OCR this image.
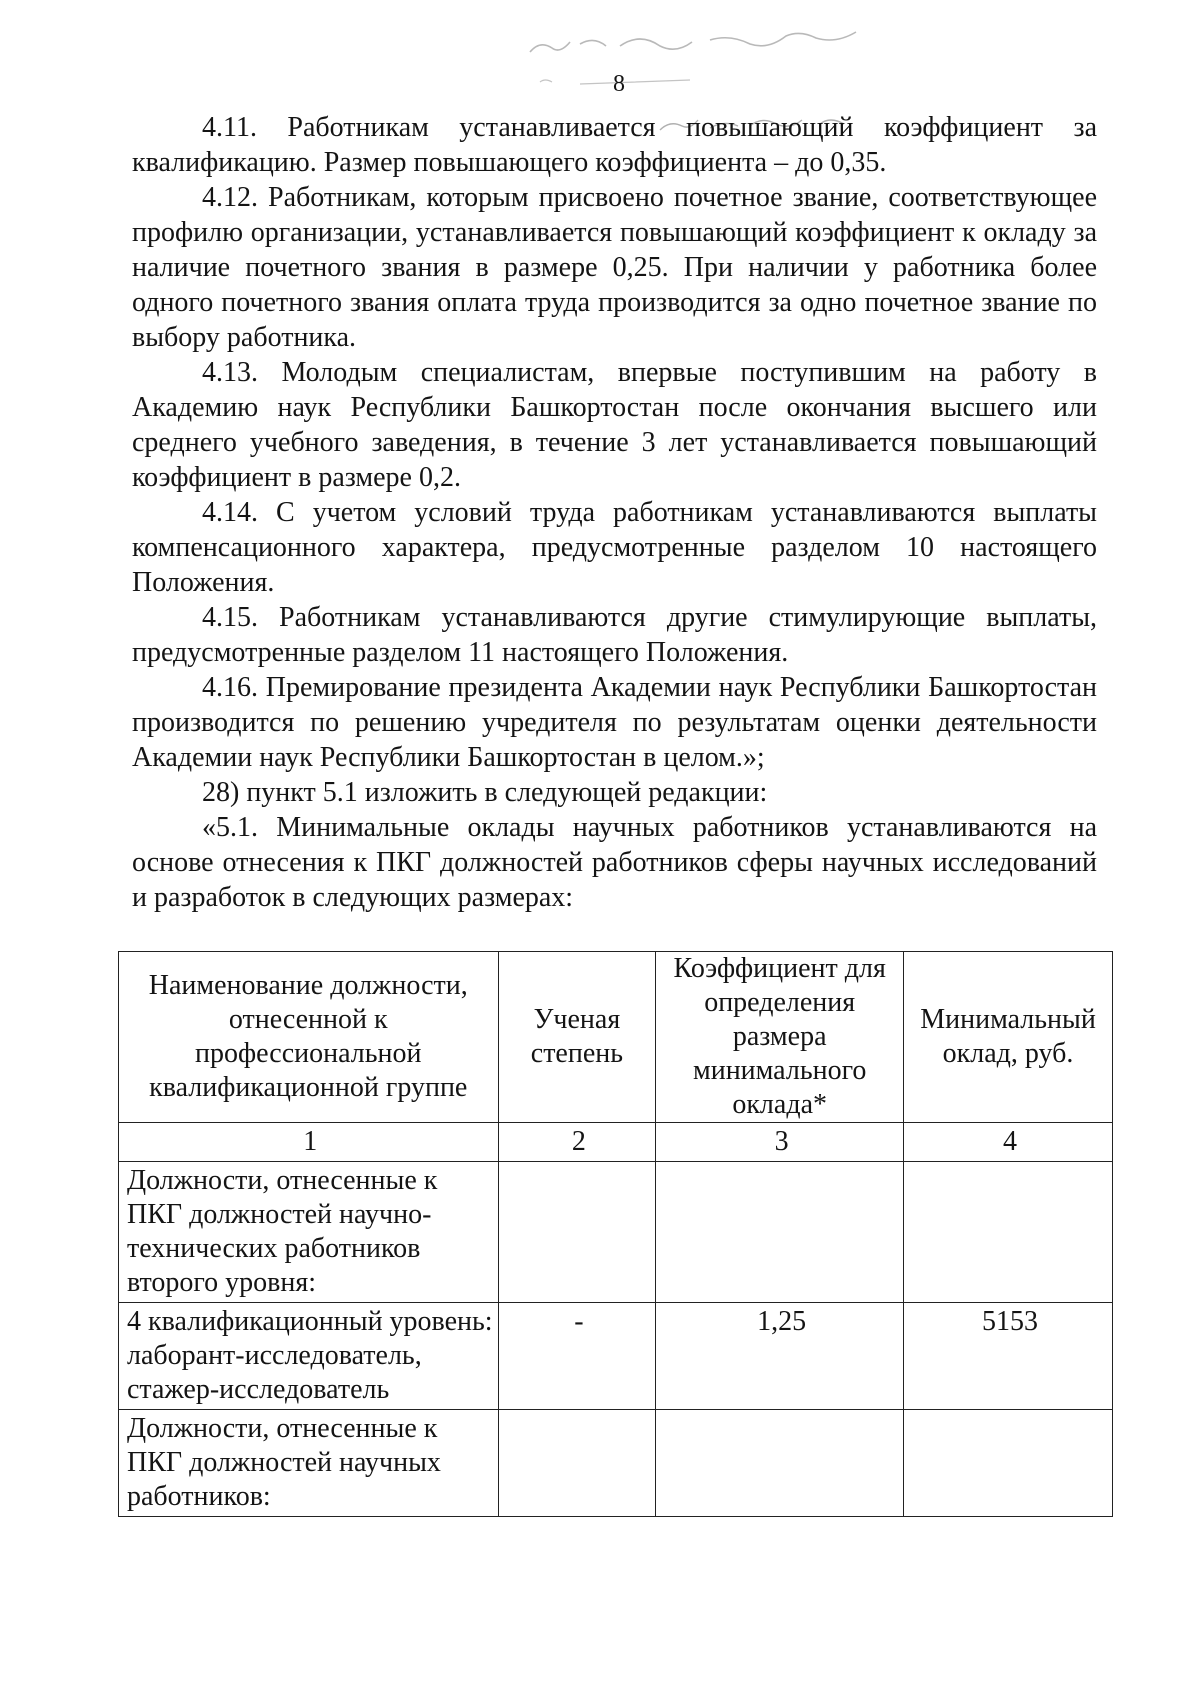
8

4.11. Работникам устанавливается повышающий коэффициент за квалификацию. Размер повышающего коэффициента – до 0,35.

4.12. Работникам, которым присвоено почетное звание, соответствующее профилю организации, устанавливается повышающий коэффициент к окладу за наличие почетного звания в размере 0,25. При наличии у работника более одного почетного звания оплата труда производится за одно почетное звание по выбору работника.

4.13. Молодым специалистам, впервые поступившим на работу в Академию наук Республики Башкортостан после окончания высшего или среднего учебного заведения, в течение 3 лет устанавливается повышающий коэффициент в размере 0,2.

4.14. С учетом условий труда работникам устанавливаются выплаты компенсационного характера, предусмотренные разделом 10 настоящего Положения.

4.15. Работникам устанавливаются другие стимулирующие выплаты, предусмотренные разделом 11 настоящего Положения.

4.16. Премирование президента Академии наук Республики Башкортостан производится по решению учредителя по результатам оценки деятельности Академии наук Республики Башкортостан в целом.»;

28) пункт 5.1 изложить в следующей редакции:

«5.1. Минимальные оклады научных работников устанавливаются на основе отнесения к ПКГ должностей работников сферы научных исследований и разработок в следующих размерах:

Наименование должности, отнесенной к профессиональной квалификационной группе	Ученая степень	Коэффициент для определения размера минимального оклада*	Минимальный оклад, руб.
1	2	3	4
Должности, отнесенные к ПКГ должностей научно-технических работников второго уровня:			
4 квалификационный уровень: лаборант-исследователь, стажер-исследователь	-	1,25	5153
Должности, отнесенные к ПКГ должностей научных работников:			
